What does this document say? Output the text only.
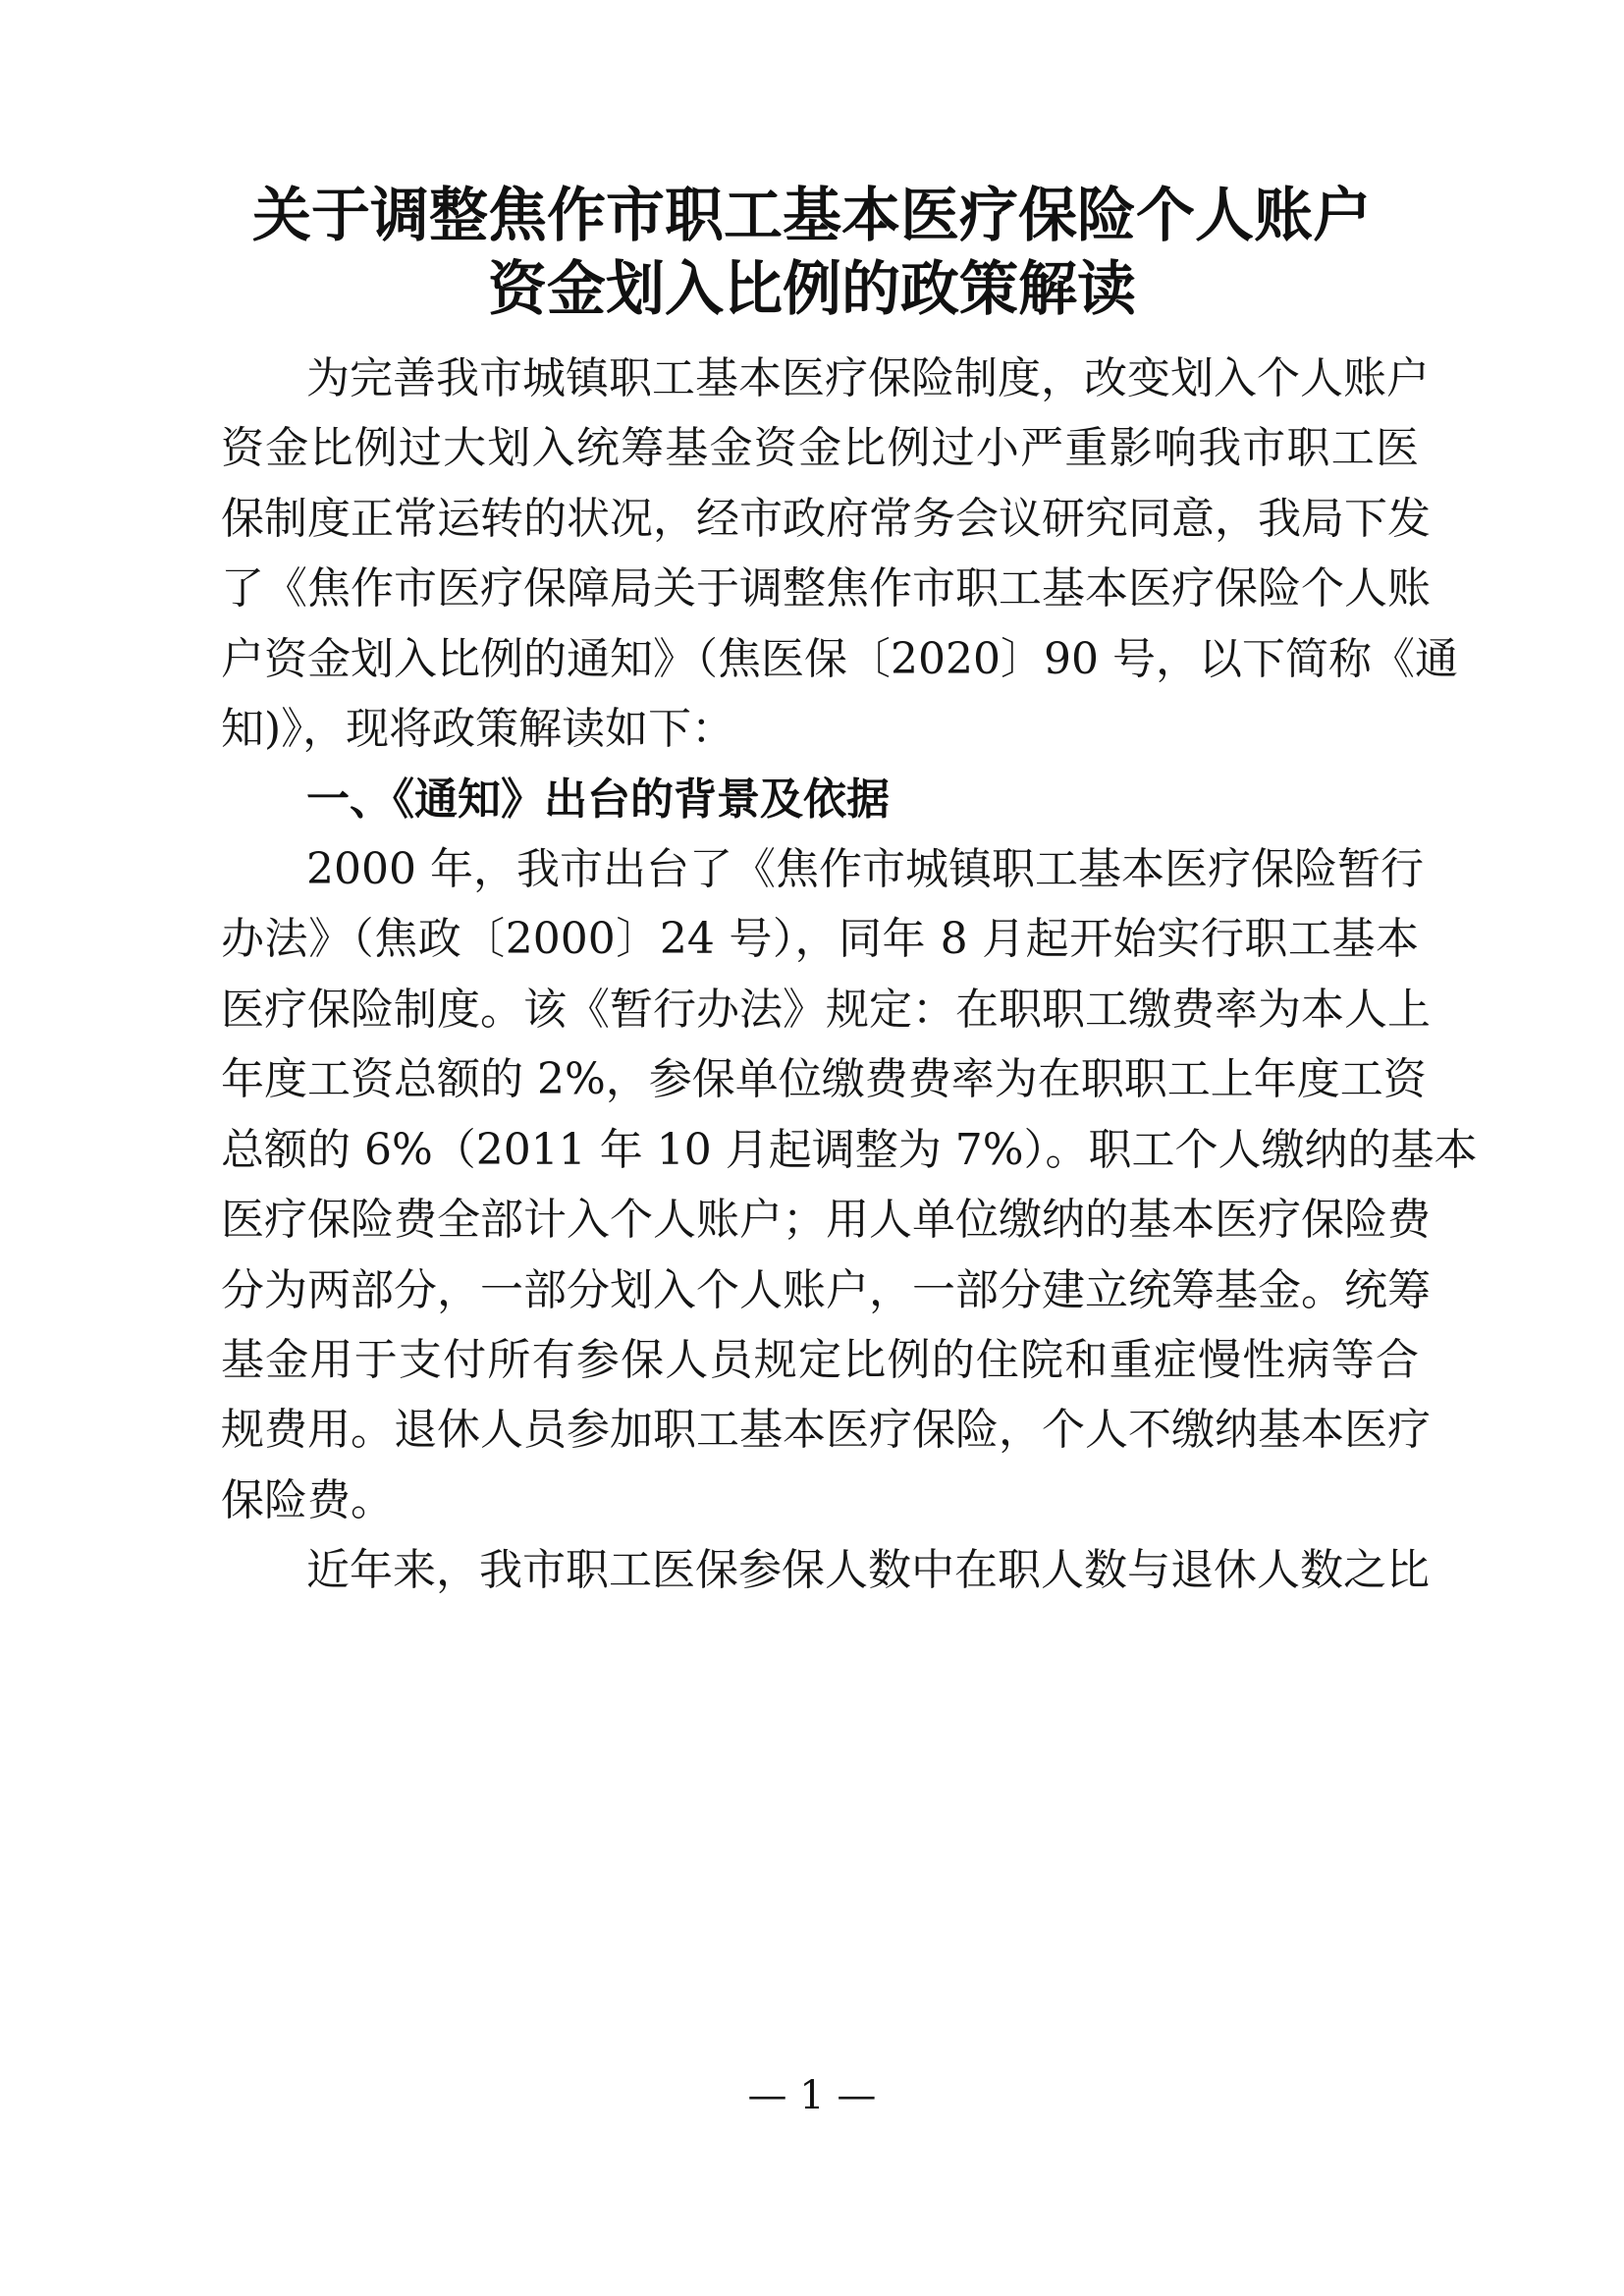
关于调整焦作市职工基本医疗保险个人账户
资金划入比例的政策解读
为完善我市城镇职工基本医疗保险制度，改变划入个人账户
资金比例过大划入统筹基金资金比例过小严重影响我市职工医
保制度正常运转的状况，经市政府常务会议研究同意，我局下发
了《焦作市医疗保障局关于调整焦作市职工基本医疗保险个人账
户资金划入比例的通知》（焦医保〔2020〕90 号，以下简称《通
知)》，现将政策解读如下：
一、《通知》出台的背景及依据
2000 年，我市出台了《焦作市城镇职工基本医疗保险暂行
办法》（焦政〔2000〕24 号），同年 8 月起开始实行职工基本
医疗保险制度。该《暂行办法》规定：在职职工缴费率为本人上
年度工资总额的 2%，参保单位缴费费率为在职职工上年度工资
总额的 6%（2011 年 10 月起调整为 7%）。职工个人缴纳的基本
医疗保险费全部计入个人账户；用人单位缴纳的基本医疗保险费
分为两部分，一部分划入个人账户，一部分建立统筹基金。统筹
基金用于支付所有参保人员规定比例的住院和重症慢性病等合
规费用。退休人员参加职工基本医疗保险，个人不缴纳基本医疗
保险费。
近年来，我市职工医保参保人数中在职人数与退休人数之比
— 1 —
